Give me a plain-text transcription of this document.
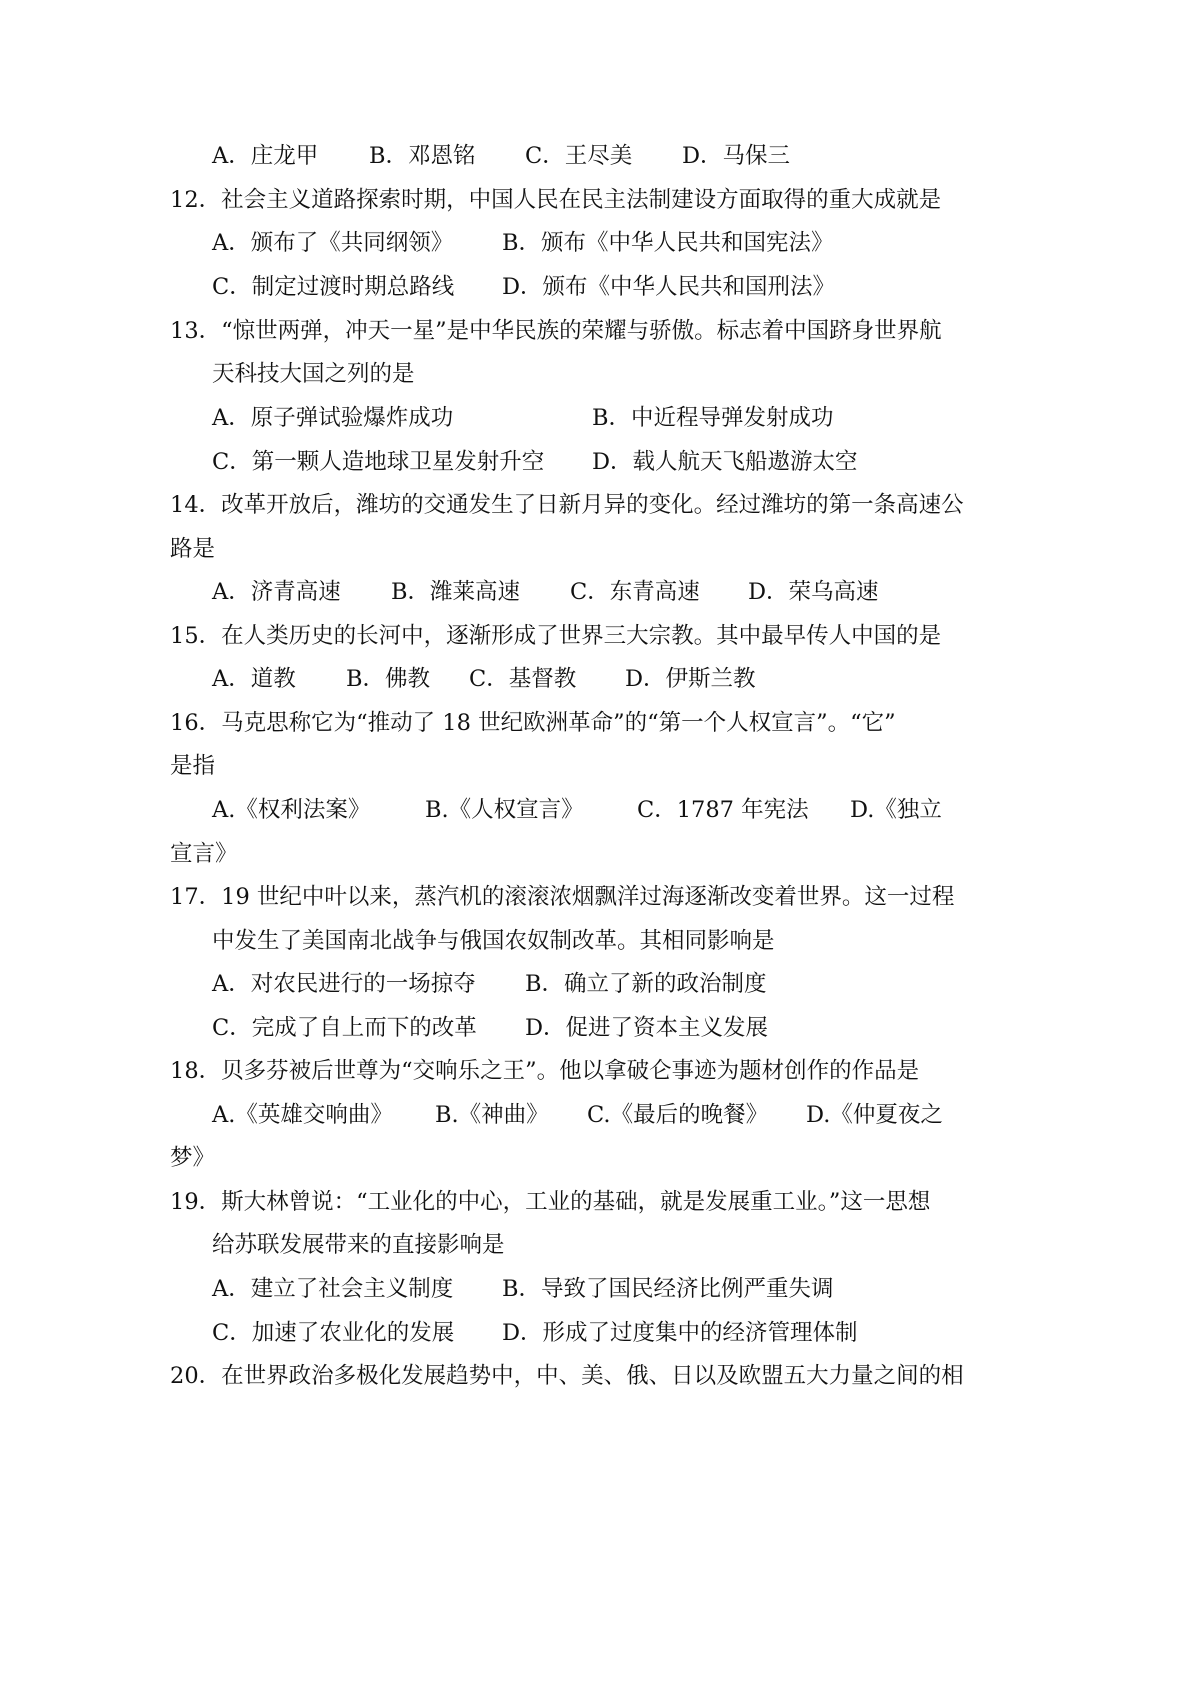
A．庄龙甲 B．邓恩铭 C．王尽美 D．马保三
12．社会主义道路探索时期，中国人民在民主法制建设方面取得的重大成就是
A．颁布了《共同纲领》 B．颁布《中华人民共和国宪法》
C．制定过渡时期总路线 D．颁布《中华人民共和国刑法》
13．“惊世两弹，冲天一星”是中华民族的荣耀与骄傲。标志着中国跻身世界航
天科技大国之列的是
A．原子弹试验爆炸成功	B．中近程导弹发射成功
C．第一颗人造地球卫星发射升空 D．载人航天飞船遨游太空
14．改革开放后，潍坊的交通发生了日新月异的变化。经过潍坊的第一条高速公
路是
A．济青高速 B．潍莱高速 C．东青高速 D．荣乌高速
15．在人类历史的长河中，逐渐形成了世界三大宗教。其中最早传人中国的是
A．道教 B．佛教 C．基督教 D．伊斯兰教
16．马克思称它为“推动了 18 世纪欧洲革命”的“第一个人权宣言”。“它”
是指
A.《权利法案》 B.《人权宣言》 C．1787 年宪法 D.《独立
宣言》
17．19 世纪中叶以来，蒸汽机的滚滚浓烟飘洋过海逐渐改变着世界。这一过程
中发生了美国南北战争与俄国农奴制改革。其相同影响是
A．对农民进行的一场掠夺 B．确立了新的政治制度
C．完成了自上而下的改革 D．促进了资本主义发展
18．贝多芬被后世尊为“交响乐之王”。他以拿破仑事迹为题材创作的作品是
A.《英雄交响曲》 B.《神曲》 C.《最后的晚餐》 D.《仲夏夜之
梦》
19．斯大林曾说：“工业化的中心，工业的基础，就是发展重工业。”这一思想
给苏联发展带来的直接影响是
A．建立了社会主义制度 B．导致了国民经济比例严重失调
C．加速了农业化的发展 D．形成了过度集中的经济管理体制
20．在世界政治多极化发展趋势中，中、美、俄、日以及欧盟五大力量之间的相
